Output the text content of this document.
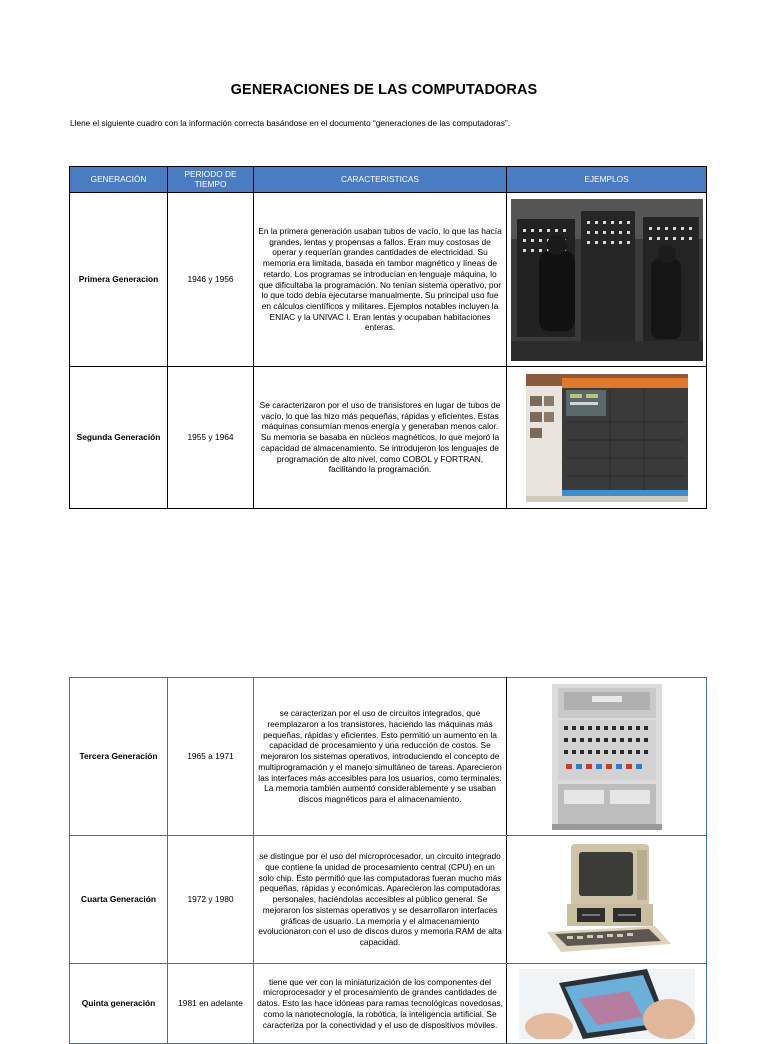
GENERACIONES DE LAS COMPUTADORAS
Llene el siguiente cuadro con la información correcta basándose en el documento “generaciones de las computadoras”.
GENERACIÓN	PERIODO DE TIEMPO	CARACTERISTICAS	EJEMPLOS
Primera Generacion	1946 y 1956	En la primera generación usaban tubos de vacío, lo que las hacía grandes, lentas y propensas a fallos. Eran muy costosas de operar y requerían grandes cantidades de electricidad. Su memoria era limitada, basada en tambor magnético y líneas de retardo. Los programas se introducían en lenguaje máquina, lo que dificultaba la programación. No tenían sistema operativo, por lo que todo debía ejecutarse manualmente. Su principal uso fue en cálculos científicos y militares. Ejemplos notables incluyen la ENIAC y la UNIVAC I. Eran lentas y ocupaban habitaciones enteras.	

Segunda Generación	1955 y 1964	Se caracterizaron por el uso de transistores en lugar de tubos de vacío, lo que las hizo más pequeñas, rápidas y eficientes. Estas máquinas consumían menos energía y generaban menos calor. Su memoria se basaba en núcleos magnéticos, lo que mejoró la capacidad de almacenamiento. Se introdujeron los lenguajes de programación de alto nivel, como COBOL y FORTRAN, facilitando la programación.	
Tercera Generación	1965 a 1971	se caracterizan por el uso de circuitos integrados, que reemplazaron a los transistores, haciendo las máquinas más pequeñas, rápidas y eficientes. Esto permitió un aumento en la capacidad de procesamiento y una reducción de costos. Se mejoraron los sistemas operativos, introduciendo el concepto de multiprogramación y el manejo simultáneo de tareas. Aparecieron las interfaces más accesibles para los usuarios, como terminales. La memoria también aumentó considerablemente y se usaban discos magnéticos para el almacenamiento.	

Cuarta Generación	1972 y 1980	se distingue por el uso del microprocesador, un circuito integrado que contiene la unidad de procesamiento central (CPU) en un solo chip. Esto permitió que las computadoras fueran mucho más pequeñas, rápidas y económicas. Aparecieron las computadoras personales, haciéndolas accesibles al público general. Se mejoraron los sistemas operativos y se desarrollaron interfaces gráficas de usuario. La memoria y el almacenamiento evolucionaron con el uso de discos duros y memoria RAM de alta capacidad.	

Quinta generación	1981 en adelante	tiene que ver con la miniaturización de los componentes del microprocesador y el procesamiento de grandes cantidades de datos. Esto las hace idóneas para ramas tecnológicas novedosas, como la nanotecnología, la robótica, la inteligencia artificial. Se caracteriza por la conectividad y el uso de dispositivos móviles.	
